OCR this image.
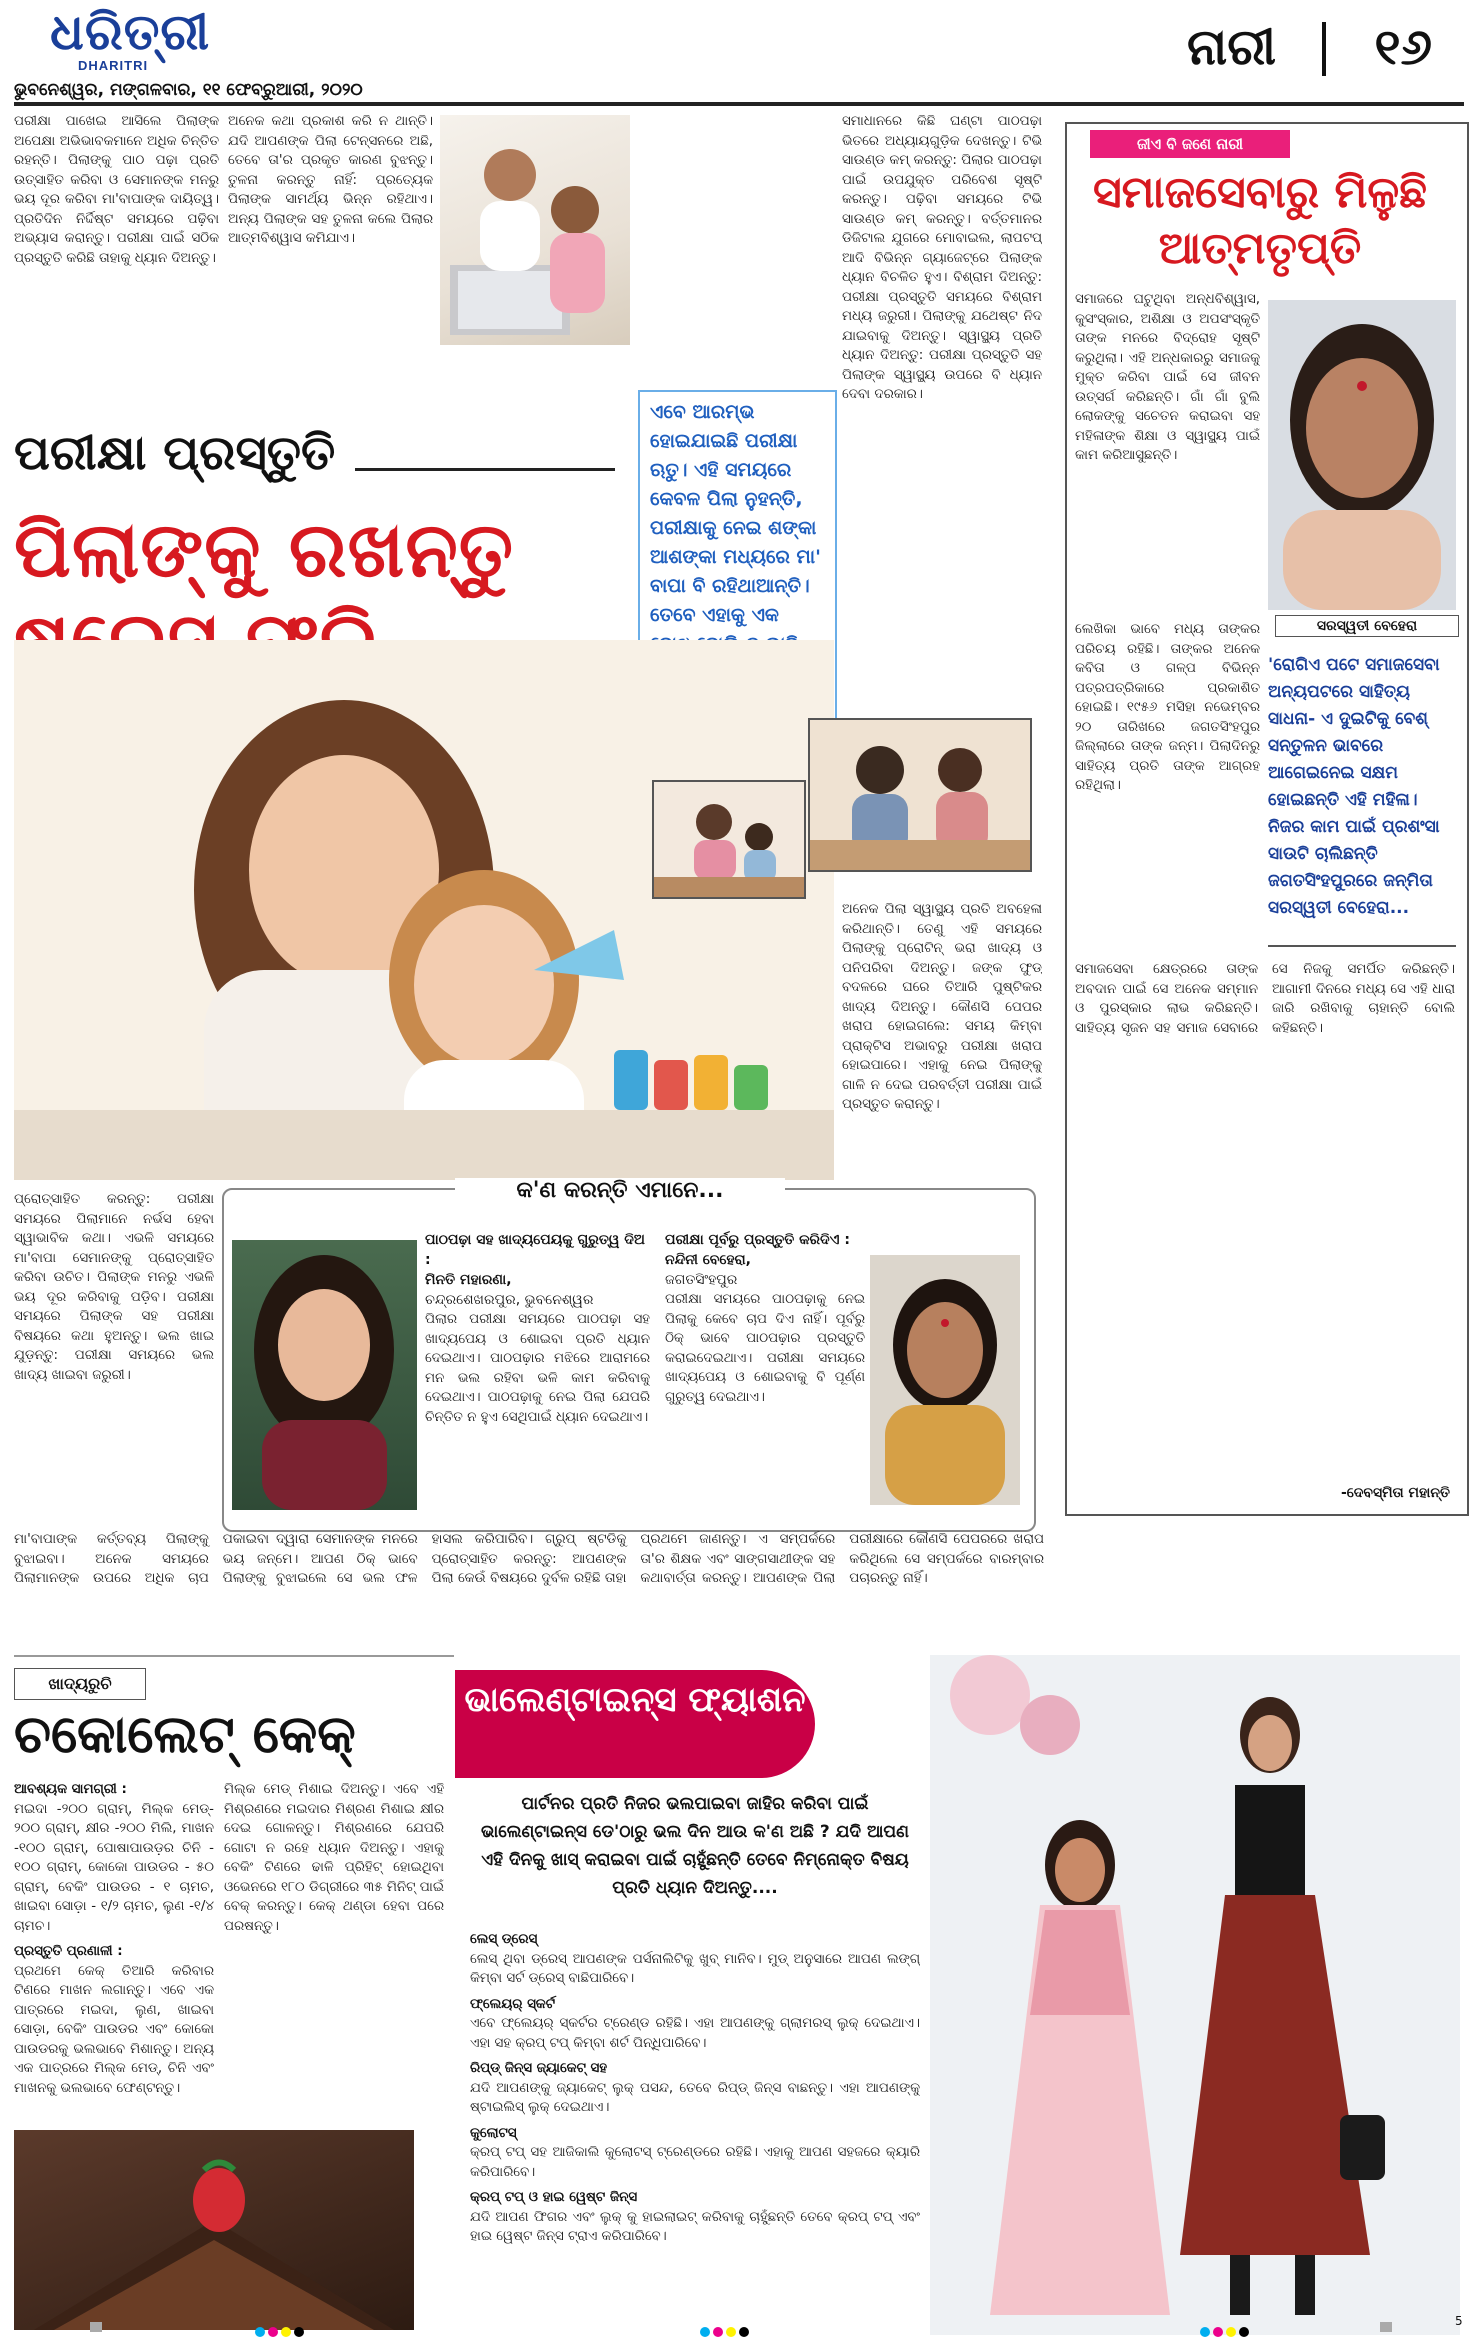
ଧରିତ୍ରୀ
DHARITRI	ନାରୀ ୧୬
ଭୁବନେଶ୍ୱର, ମଙ୍ଗଳବାର, ୧୧ ଫେବ୍ରୁଆରୀ, ୨୦୨୦
ପରୀକ୍ଷା ପାଖେଇ ଆସିଲେ ପିଲାଙ୍କ ଅପେକ୍ଷା ଅଭିଭାବକମାନେ ଅଧିକ ଚିନ୍ତିତ ରହନ୍ତି। ପିଲାଙ୍କୁ ପାଠ ପଢ଼ା ପ୍ରତି ଉତ୍ସାହିତ କରିବା ଓ ସେମାନଙ୍କ ମନରୁ ଭୟ ଦୂର କରିବା ମା'ବାପାଙ୍କ ଦାୟିତ୍ୱ। ପ୍ରତିଦିନ ନିର୍ଦ୍ଦିଷ୍ଟ ସମୟରେ ପଢ଼ିବା ଅଭ୍ୟାସ କରାନ୍ତୁ। ପରୀକ୍ଷା ପାଇଁ ସଠିକ ପ୍ରସ୍ତୁତି କରିଛି ତାହାକୁ ଧ୍ୟାନ ଦିଅନ୍ତୁ।
ଅନେକ କଥା ପ୍ରକାଶ କରି ନ ଥାନ୍ତି। ଯଦି ଆପଣଙ୍କ ପିଲା ଟେନ୍‌ସନରେ ଅଛି, ତେବେ ତା'ର ପ୍ରକୃତ କାରଣ ବୁଝନ୍ତୁ। ତୁଳନା କରନ୍ତୁ ନାହିଁ: ପ୍ରତ୍ୟେକ ପିଲାଙ୍କ ସାମର୍ଥ୍ୟ ଭିନ୍ନ ରହିଥାଏ। ଅନ୍ୟ ପିଲାଙ୍କ ସହ ତୁଳନା କଲେ ପିଲାର ଆତ୍ମବିଶ୍ୱାସ କମିଯାଏ।
ଏବେ ଆରମ୍ଭ ହୋଇଯାଇଛି ପରୀକ୍ଷା ଋତୁ। ଏହି ସମୟରେ କେବଳ ପିଲା ନୁହନ୍ତି, ପରୀକ୍ଷାକୁ ନେଇ ଶଙ୍କା ଆଶଙ୍କା ମଧ୍ୟରେ ମା' ବାପା ବି ରହିଥାଆନ୍ତି। ତେବେ ଏହାକୁ ଏକ
ସମାଧାନରେ କିଛି ଘଣ୍ଟା ପାଠପଢ଼ା ଭିତରେ ଅଧ୍ୟାୟଗୁଡ଼ିକ ଦେଖନ୍ତୁ। ଟିଭି ସାଉଣ୍ଡ କମ୍ କରନ୍ତୁ: ପିଲାର ପାଠପଢ଼ା ପାଇଁ ଉପଯୁକ୍ତ ପରିବେଶ ସୃଷ୍ଟି କରନ୍ତୁ। ପଢ଼ିବା ସମୟରେ ଟିଭି ସାଉଣ୍ଡ କମ୍ କରନ୍ତୁ। ବର୍ତ୍ତମାନର ଡିଜିଟାଲ ଯୁଗରେ ମୋବାଇଲ, ଲାପଟପ୍ ଆଦି ବିଭିନ୍ନ ଗ୍ୟାଜେଟ୍‌ରେ ପିଲାଙ୍କ ଧ୍ୟାନ ବିଚଳିତ ହୁଏ। ବିଶ୍ରାମ ଦିଅନ୍ତୁ: ପରୀକ୍ଷା ପ୍ରସ୍ତୁତି ସମୟରେ ବିଶ୍ରାମ ମଧ୍ୟ ଜରୁରୀ। ପିଲାଙ୍କୁ ଯଥେଷ୍ଟ ନିଦ ଯାଇବାକୁ ଦିଅନ୍ତୁ। ସ୍ୱାସ୍ଥ୍ୟ ପ୍ରତି ଧ୍ୟାନ ଦିଅନ୍ତୁ: ପରୀକ୍ଷା ପ୍ରସ୍ତୁତି ସହ ପିଲାଙ୍କ ସ୍ୱାସ୍ଥ୍ୟ ଉପରେ ବି ଧ୍ୟାନ ଦେବା ଦରକାର।
ପରୀକ୍ଷା ପ୍ରସ୍ତୁତି
ପିଲାଙ୍କୁ ରଖନ୍ତୁ
ଅନେକ ପିଲା ସ୍ୱାସ୍ଥ୍ୟ ପ୍ରତି ଅବହେଳା କରିଥାନ୍ତି। ତେଣୁ ଏହି ସମୟରେ ପିଲାଙ୍କୁ ପ୍ରୋଟିନ୍ ଭରା ଖାଦ୍ୟ ଓ ପନିପରିବା ଦିଅନ୍ତୁ। ଜଙ୍କ ଫୁଡ୍ ବଦଳରେ ଘରେ ତିଆରି ପୁଷ୍ଟିକର ଖାଦ୍ୟ ଦିଅନ୍ତୁ। କୌଣସି ପେପର ଖରାପ ହୋଇଗଲେ: ସମୟ କିମ୍ବା ପ୍ରାକ୍ଟିସ ଅଭାବରୁ ପରୀକ୍ଷା ଖରାପ ହୋଇପାରେ। ଏହାକୁ ନେଇ ପିଲାଙ୍କୁ ଗାଳି ନ ଦେଇ ପରବର୍ତ୍ତୀ ପରୀକ୍ଷା ପାଇଁ ପ୍ରସ୍ତୁତ କରାନ୍ତୁ।
ପ୍ରୋତ୍ସାହିତ କରନ୍ତୁ: ପରୀକ୍ଷା ସମୟରେ ପିଲାମାନେ ନର୍ଭସ ହେବା ସ୍ୱାଭାବିକ କଥା। ଏଭଳି ସମୟରେ ମା'ବାପା ସେମାନଙ୍କୁ ପ୍ରୋତ୍ସାହିତ କରିବା ଉଚିତ। ପିଲାଙ୍କ ମନରୁ ଏଭଳି ଭୟ ଦୂର କରିବାକୁ ପଡ଼ିବ। ପରୀକ୍ଷା ସମୟରେ ପିଲାଙ୍କ ସହ ପରୀକ୍ଷା ବିଷୟରେ କଥା ହୁଅନ୍ତୁ। ଭଲ ଖାଇ ଯୁଡ଼ନ୍ତୁ: ପରୀକ୍ଷା ସମୟରେ ଭଲ ଖାଦ୍ୟ ଖାଇବା ଜରୁରୀ।
କ'ଣ କରନ୍ତି ଏମାନେ...
ପାଠପଢ଼ା ସହ ଖାଦ୍ୟପେୟକୁ ଗୁରୁତ୍ୱ ଦିଅ :
ମିନତି ମହାରଣା,
ଚନ୍ଦ୍ରଶେଖରପୁର, ଭୁବନେଶ୍ୱର
ପିଲାର ପରୀକ୍ଷା ସମୟରେ ପାଠପଢ଼ା ସହ ଖାଦ୍ୟପେୟ ଓ ଶୋଇବା ପ୍ରତି ଧ୍ୟାନ ଦେଇଥାଏ। ପାଠପଢ଼ାର ମଝିରେ ଆରାମରେ ମନ ଭଲ ରହିବା ଭଳି କାମ କରିବାକୁ ଦେଇଥାଏ। ପାଠପଢ଼ାକୁ ନେଇ ପିଲା ଯେପରି ଚିନ୍ତିତ ନ ହୁଏ ସେଥିପାଇଁ ଧ୍ୟାନ ଦେଇଥାଏ।
ପରୀକ୍ଷା ପୂର୍ବରୁ ପ୍ରସ୍ତୁତି କରିଦିଏ :
ନନ୍ଦିନୀ ବେହେରା,
ଜଗତସିଂହପୁର
ପରୀକ୍ଷା ସମୟରେ ପାଠପଢ଼ାକୁ ନେଇ ପିଲାକୁ କେବେ ଚାପ ଦିଏ ନାହିଁ। ପୂର୍ବରୁ ଠିକ୍ ଭାବେ ପାଠପଢ଼ାର ପ୍ରସ୍ତୁତି କରାଇଦେଇଥାଏ। ପରୀକ୍ଷା ସମୟରେ ଖାଦ୍ୟପେୟ ଓ ଶୋଇବାକୁ ବି ପୂର୍ଣ୍ଣ ଗୁରୁତ୍ୱ ଦେଇଥାଏ।
ମା'ବାପାଙ୍କ କର୍ତ୍ତବ୍ୟ ପିଲାଙ୍କୁ ବୁଝାଇବା। ଅନେକ ସମୟରେ ପିଲାମାନଙ୍କ ଉପରେ ଅଧିକ ଚାପ ପକାଇବା ଦ୍ୱାରା ସେମାନଙ୍କ ମନରେ ଭୟ ଜନ୍ମେ। ଆପଣ ଠିକ୍ ଭାବେ ପିଲାଙ୍କୁ ବୁଝାଇଲେ ସେ ଭଲ ଫଳ ହାସଲ କରିପାରିବ। ଗ୍ରୁପ୍ ଷ୍ଟଡିକୁ ପ୍ରୋତ୍ସାହିତ କରନ୍ତୁ: ଆପଣଙ୍କ ପିଲା କେଉଁ ବିଷୟରେ ଦୁର୍ବଳ ରହିଛି ତାହା ପ୍ରଥମେ ଜାଣନ୍ତୁ। ଏ ସମ୍ପର୍କରେ ତା'ର ଶିକ୍ଷକ ଏବଂ ସାଙ୍ଗସାଥୀଙ୍କ ସହ କଥାବାର୍ତ୍ତା କରନ୍ତୁ। ଆପଣଙ୍କ ପିଲା ପରୀକ୍ଷାରେ କୌଣସି ପେପରରେ ଖରାପ କରିଥିଲେ ସେ ସମ୍ପର୍କରେ ବାରମ୍ବାର ପଚାରନ୍ତୁ ନାହିଁ।
ଜୀଏ ବି ଜଣେ ନାରୀ
ସମାଜସେବାରୁ ମିଳୁଛି ଆତ୍ମତୃପ୍ତି
ସମାଜରେ ଘଟୁଥିବା ଅନ୍ଧବିଶ୍ୱାସ, କୁସଂସ୍କାର, ଅଶିକ୍ଷା ଓ ଅପସଂସ୍କୃତି ତାଙ୍କ ମନରେ ବିଦ୍ରୋହ ସୃଷ୍ଟି କରୁଥିଲା। ଏହି ଅନ୍ଧକାରରୁ ସମାଜକୁ ମୁକ୍ତ କରିବା ପାଇଁ ସେ ଜୀବନ ଉତ୍ସର୍ଗ କରିଛନ୍ତି। ଗାଁ ଗାଁ ବୁଲି ଲୋକଙ୍କୁ ସଚେତନ କରାଇବା ସହ ମହିଳାଙ୍କ ଶିକ୍ଷା ଓ ସ୍ୱାସ୍ଥ୍ୟ ପାଇଁ କାମ କରିଆସୁଛନ୍ତି।
ସରସ୍ୱତୀ ବେହେରା
ଲେଖିକା ଭାବେ ମଧ୍ୟ ତାଙ୍କର ପରିଚୟ ରହିଛି। ତାଙ୍କର ଅନେକ କବିତା ଓ ଗଳ୍ପ ବିଭିନ୍ନ ପତ୍ରପତ୍ରିକାରେ ପ୍ରକାଶିତ ହୋଇଛି। ୧୯୫୬ ମସିହା ନଭେମ୍ବର ୨୦ ତାରିଖରେ ଜଗତସିଂହପୁର ଜିଲ୍ଲାରେ ତାଙ୍କ ଜନ୍ମ। ପିଲାଦିନରୁ ସାହିତ୍ୟ ପ୍ରତି ତାଙ୍କ ଆଗ୍ରହ ରହିଥିଲା।
'ରୋଗିଏ ପଟେ ସମାଜସେବା ଅନ୍ୟପଟରେ ସାହିତ୍ୟ ସାଧନା- ଏ ଦୁଇଟିକୁ ବେଶ୍ ସନ୍ତୁଳନ ଭାବରେ ଆଗେଇନେଇ ସକ୍ଷମ ହୋଇଛନ୍ତି ଏହି ମହିଳା। ନିଜର କାମ ପାଇଁ ପ୍ରଶଂସା ସାଉଟି ଚାଲିଛନ୍ତି ଜଗତସିଂହପୁରରେ ଜନ୍ମିତା ସରସ୍ୱତୀ ବେହେରା...
ସମାଜସେବା କ୍ଷେତ୍ରରେ ତାଙ୍କ ଅବଦାନ ପାଇଁ ସେ ଅନେକ ସମ୍ମାନ ଓ ପୁରସ୍କାର ଲାଭ କରିଛନ୍ତି। ସାହିତ୍ୟ ସୃଜନ ସହ ସମାଜ ସେବାରେ ସେ ନିଜକୁ ସମର୍ପିତ କରିଛନ୍ତି। ଆଗାମୀ ଦିନରେ ମଧ୍ୟ ସେ ଏହି ଧାରା ଜାରି ରଖିବାକୁ ଚାହାନ୍ତି ବୋଲି କହିଛନ୍ତି।
-ଦେବସ୍ମିତା ମହାନ୍ତି
ଖାଦ୍ୟରୁଚି
ଚକୋଲେଟ୍ କେକ୍
ଆବଶ୍ୟକ ସାମଗ୍ରୀ :
ମଇଦା -୨୦୦ ଗ୍ରାମ୍, ମିଲ୍କ ମେଡ୍- ୨୦୦ ଗ୍ରାମ୍, କ୍ଷୀର -୨୦୦ ମିଲି, ମାଖନ -୧୦୦ ଗ୍ରାମ୍, ପୋଷାପାଉଡ଼ର ଚିନି - ୧୦୦ ଗ୍ରାମ୍, କୋକୋ ପାଉଡର - ୫୦ ଗ୍ରାମ୍, ବେକିଂ ପାଉଡର - ୧ ଚାମଚ, ଖାଇବା ସୋଡ଼ା - ୧/୨ ଚାମଚ, ଲୁଣ -୧/୪ ଚାମଚ।
ପ୍ରସ୍ତୁତି ପ୍ରଣାଳୀ :
ପ୍ରଥମେ କେକ୍ ତିଆରି କରିବାର ଟିଣରେ ମାଖନ ଲଗାନ୍ତୁ। ଏବେ ଏକ ପାତ୍ରରେ ମଇଦା, ଲୁଣ, ଖାଇବା ସୋଡ଼ା, ବେକିଂ ପାଉଡର ଏବଂ କୋକୋ ପାଉଡରକୁ ଭଲଭାବେ ମିଶାନ୍ତୁ। ଅନ୍ୟ ଏକ ପାତ୍ରରେ ମିଲ୍କ ମେଡ୍, ଚିନି ଏବଂ ମାଖନକୁ ଭଲଭାବେ ଫେଣ୍ଟନ୍ତୁ।
ମିଲ୍କ ମେଡ୍ ମିଶାଇ ଦିଅନ୍ତୁ। ଏବେ ଏହି ମିଶ୍ରଣରେ ମଇଦାର ମିଶ୍ରଣ ମିଶାଇ କ୍ଷୀର ଦେଇ ଗୋଳନ୍ତୁ। ମିଶ୍ରଣରେ ଯେପରି ଗୋଟା ନ ରହେ ଧ୍ୟାନ ଦିଅନ୍ତୁ। ଏହାକୁ ବେକିଂ ଟିଣରେ ଢାଳି ପ୍ରିହିଟ୍ ହୋଇଥିବା ଓଭେନରେ ୧୮୦ ଡିଗ୍ରୀରେ ୩୫ ମିନିଟ୍ ପାଇଁ ବେକ୍ କରନ୍ତୁ। କେକ୍ ଥଣ୍ଡା ହେବା ପରେ ପରଷନ୍ତୁ।
ଭାଲେଣ୍ଟାଇନ୍ସ ଫ୍ୟାଶନ
ପାର୍ଟନର ପ୍ରତି ନିଜର ଭଲପାଇବା ଜାହିର କରିବା ପାଇଁ ଭାଲେଣ୍ଟାଇନ୍ସ ଡେ'ଠାରୁ ଭଲ ଦିନ ଆଉ କ'ଣ ଅଛି ? ଯଦି ଆପଣ ଏହି ଦିନକୁ ଖାସ୍ କରାଇବା ପାଇଁ ଚାହୁଁଛନ୍ତି ତେବେ ନିମ୍ନୋକ୍ତ ବିଷୟ ପ୍ରତି ଧ୍ୟାନ ଦିଅନ୍ତୁ....
ଲେସ୍ ଡ୍ରେସ୍
ଲେସ୍ ଥିବା ଡ୍ରେସ୍ ଆପଣଙ୍କ ପର୍ସନାଲିଟିକୁ ଖୁବ୍ ମାନିବ। ମୁଡ୍ ଅନୁସାରେ ଆପଣ ଲଙ୍ଗ୍ କିମ୍ବା ସର୍ଟ ଡ୍ରେସ୍ ବାଛିପାରିବେ।
ଫ୍ଲେୟର୍ ସ୍କର୍ଟ
ଏବେ ଫ୍ଲେୟର୍ ସ୍କର୍ଟର ଟ୍ରେଣ୍ଡ ରହିଛି। ଏହା ଆପଣଙ୍କୁ ଗ୍ଲାମରସ୍ ଲୁକ୍ ଦେଇଥାଏ। ଏହା ସହ କ୍ରପ୍ ଟପ୍ କିମ୍ବା ଶର୍ଟ ପିନ୍ଧିପାରିବେ।
ରିପ୍ଡ୍ ଜିନ୍ସ ଜ୍ୟାକେଟ୍ ସହ
ଯଦି ଆପଣଙ୍କୁ ଜ୍ୟାକେଟ୍ ଲୁକ୍ ପସନ୍ଦ, ତେବେ ରିପ୍ଡ୍ ଜିନ୍ସ ବାଛନ୍ତୁ। ଏହା ଆପଣଙ୍କୁ ଷ୍ଟାଇଲିସ୍ ଲୁକ୍ ଦେଇଥାଏ।
କୁଲୋଟସ୍
କ୍ରପ୍ ଟପ୍ ସହ ଆଜିକାଲି କୁଲୋଟସ୍ ଟ୍ରେଣ୍ଡରେ ରହିଛି। ଏହାକୁ ଆପଣ ସହଜରେ କ୍ୟାରି କରିପାରିବେ।
କ୍ରପ୍ ଟପ୍ ଓ ହାଇ ୱେଷ୍ଟ ଜିନ୍ସ
ଯଦି ଆପଣ ଫିଗର ଏବଂ ଲୁକ୍ କୁ ହାଇଲାଇଟ୍ କରିବାକୁ ଚାହୁଁଛନ୍ତି ତେବେ କ୍ରପ୍ ଟପ୍ ଏବଂ ହାଇ ୱେଷ୍ଟ ଜିନ୍ସ ଟ୍ରାଏ କରିପାରିବେ।
5
